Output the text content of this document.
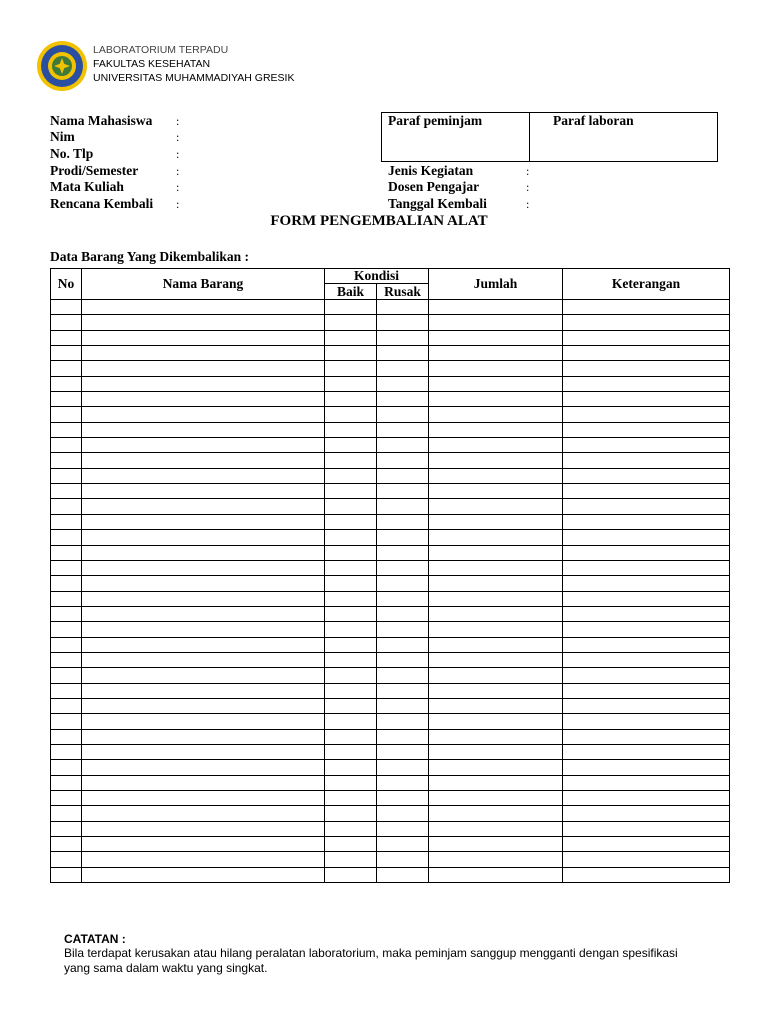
LABORATORIUM TERPADU
FAKULTAS KESEHATAN
UNIVERSITAS MUHAMMADIYAH GRESIK
Nama Mahasiswa :
Nim	:
No. Tlp	:
Prodi/Semester	:
Mata Kuliah	:
Rencana Kembali :
Paraf peminjam	Paraf laboran
Jenis Kegiatan	:
Dosen Pengajar	:
Tanggal Kembali	:
FORM PENGEMBALIAN ALAT
Data Barang Yang Dikembalikan :
No	Nama Barang	Kondisi		Jumlah	Keterangan
		Baik	Rusak		

CATATAN :
Bila terdapat kerusakan atau hilang peralatan laboratorium, maka peminjam sanggup mengganti dengan spesifikasi yang sama dalam waktu yang singkat.
